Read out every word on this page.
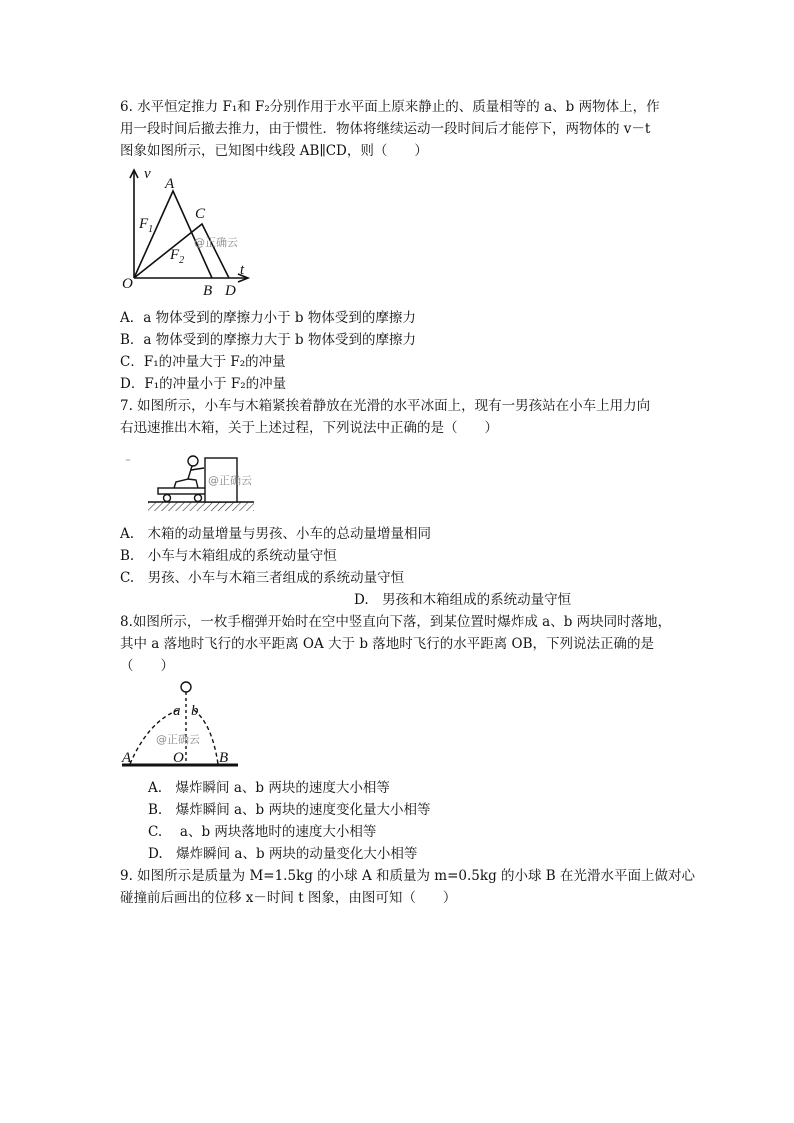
6. 水平恒定推力 F₁和 F₂分别作用于水平面上原来静止的、质量相等的 a、b 两物体上，作
用一段时间后撤去推力，由于惯性．物体将继续运动一段时间后才能停下，两物体的 v－t
图象如图所示，已知图中线段 AB∥CD，则（　　）
v
t
O
A
B
C
D
$F_1$
$F_2$
@正确云
A．a 物体受到的摩擦力小于 b 物体受到的摩擦力
B．a 物体受到的摩擦力大于 b 物体受到的摩擦力
C．F₁的冲量大于 F₂的冲量
D．F₁的冲量小于 F₂的冲量
7. 如图所示，小车与木箱紧挨着静放在光滑的水平冰面上，现有一男孩站在小车上用力向
右迅速推出木箱，关于上述过程，下列说法中正确的是（　　）
@正确云
A.　木箱的动量增量与男孩、小车的总动量增量相同
B.　小车与木箱组成的系统动量守恒
C.　男孩、小车与木箱三者组成的系统动量守恒
D.　男孩和木箱组成的系统动量守恒
8.如图所示，一枚手榴弹开始时在空中竖直向下落，到某位置时爆炸成 a、b 两块同时落地，
其中 a 落地时飞行的水平距离 OA 大于 b 落地时飞行的水平距离 OB，下列说法正确的是
（　　）
a b
A	O B
@正确云
A.　爆炸瞬间 a、b 两块的速度大小相等
B.　爆炸瞬间 a、b 两块的速度变化量大小相等
C.　 a、b 两块落地时的速度大小相等
D.　爆炸瞬间 a、b 两块的动量变化大小相等
9. 如图所示是质量为 M=1.5kg 的小球 A 和质量为 m=0.5kg 的小球 B 在光滑水平面上做对心
碰撞前后画出的位移 x－时间 t 图象，由图可知（　　）
